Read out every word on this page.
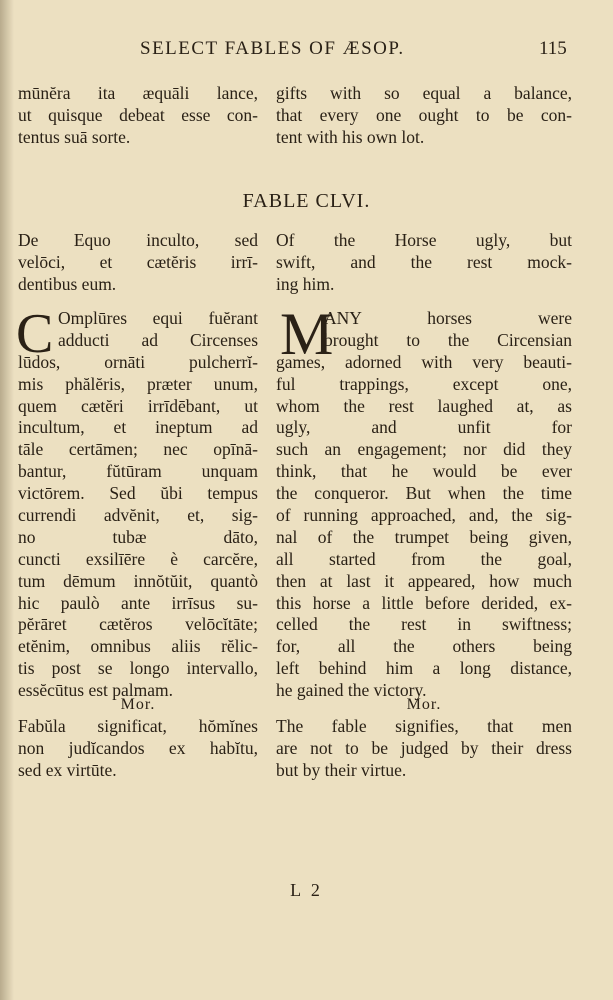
SELECT FABLES OF ÆSOP.	115
mūnĕra ita æquāli lance,
ut quisque debeat esse con-
tentus suā sorte.
gifts with so equal a balance,
that every one ought to be con-
tent with his own lot.
FABLE CLVI.
De Equo inculto, sed
velōci, et cætĕris irrī-
dentibus eum.
Of the Horse ugly, but
swift, and the rest mock-
ing him.
C Omplūres equi fuĕrant
adducti ad Circenses
lūdos, ornāti pulcherrĭ-
mis phălĕris, præter unum,
quem cætĕri irrīdēbant, ut
incultum, et ineptum ad
tāle certāmen; nec opīnā-
bantur, fŭtūram unquam
victōrem. Sed ŭbi tempus
currendi advĕnit, et, sig-
no tubæ dāto,
cuncti exsilīēre è carcĕre,
tum dēmum innŏtŭit, quantò
hic paulò ante irrīsus su-
pĕrāret cætĕros velōcĭtāte;
etĕnim, omnibus aliis rĕlic-
tis post se longo intervallo,
essĕcūtus est palmam.
M
ANY horses were
brought to the Circensian
games, adorned with very beauti-
ful trappings, except one,
whom the rest laughed at, as
ugly, and unfit for
such an engagement; nor did they
think, that he would be ever
the conqueror. But when the time
of running approached, and, the sig-
nal of the trumpet being given,
all started from the goal,
then at last it appeared, how much
this horse a little before derided, ex-
celled the rest in swiftness;
for, all the others being
left behind him a long distance,
he gained the victory.
Mor.
Fabŭla significat, hŏmĭnes
non judĭcandos ex habĭtu,
sed ex virtūte.
Mor.
The fable signifies, that men
are not to be judged by their dress
but by their virtue.
L 2
